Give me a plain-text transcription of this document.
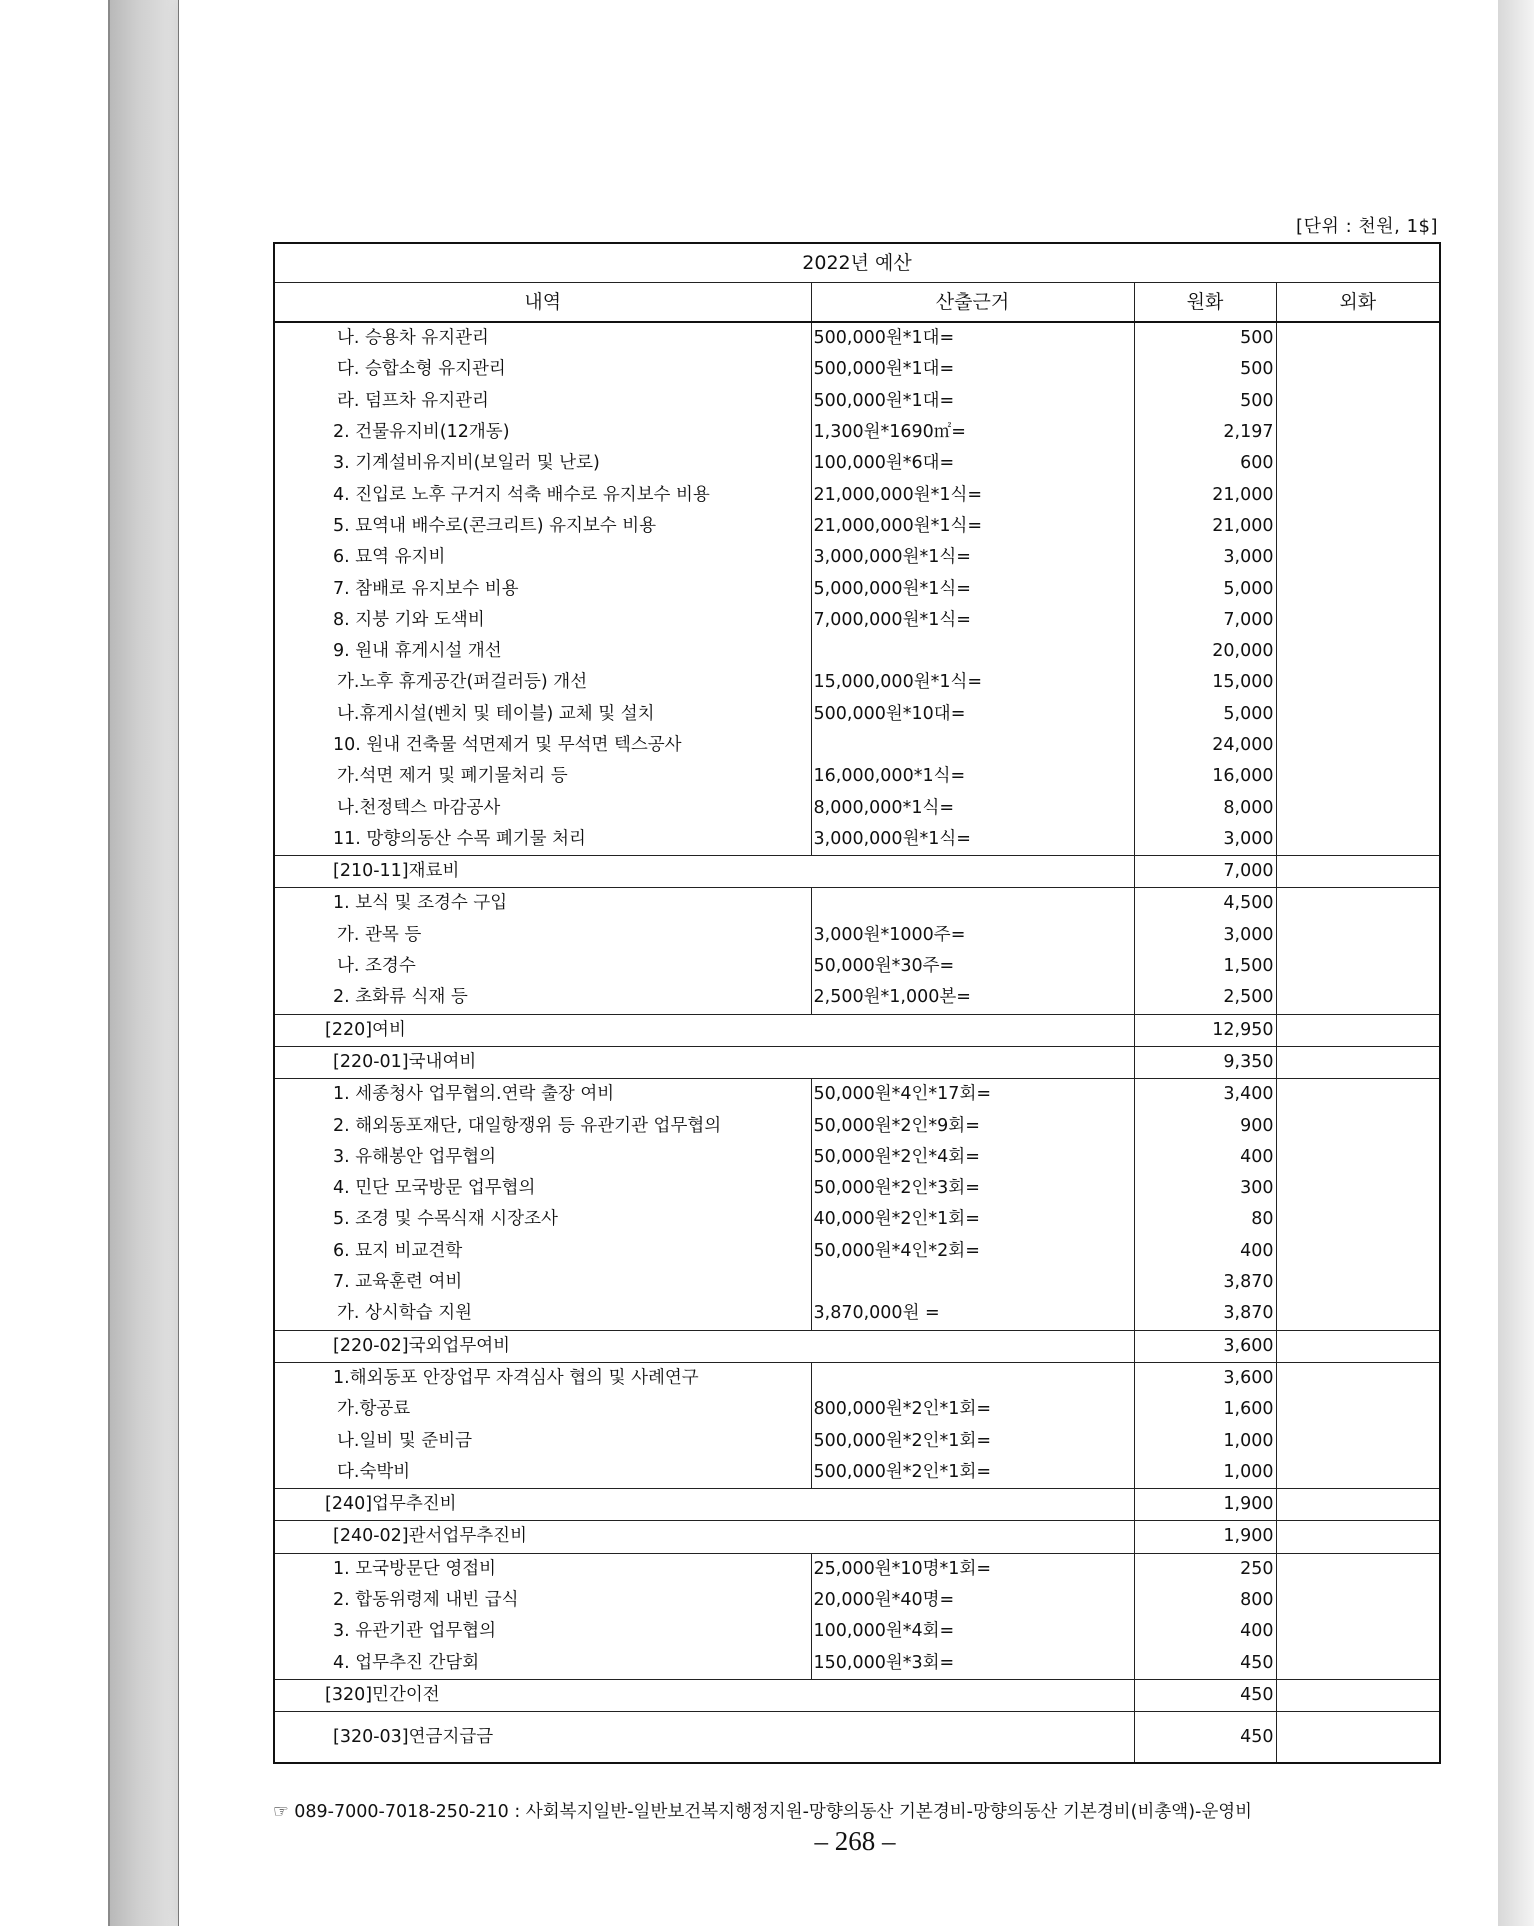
[단위 : 천원, 1$]
2022년 예산			
내역	산출근거	원화	외화
나. 승용차 유지관리	500,000원*1대=	500	
다. 승합소형 유지관리	500,000원*1대=	500	
라. 덤프차 유지관리	500,000원*1대=	500	
2. 건물유지비(12개동)	1,300원*1690㎡=	2,197	
3. 기계설비유지비(보일러 및 난로)	100,000원*6대=	600	
4. 진입로 노후 구거지 석축 배수로 유지보수 비용	21,000,000원*1식=	21,000	
5. 묘역내 배수로(콘크리트) 유지보수 비용	21,000,000원*1식=	21,000	
6. 묘역 유지비	3,000,000원*1식=	3,000	
7. 참배로 유지보수 비용	5,000,000원*1식=	5,000	
8. 지붕 기와 도색비	7,000,000원*1식=	7,000	
9. 원내 휴게시설 개선		20,000	
가.노후 휴게공간(퍼걸러등) 개선	15,000,000원*1식=	15,000	
나.휴게시설(벤치 및 테이블) 교체 및 설치	500,000원*10대=	5,000	
10. 원내 건축물 석면제거 및 무석면 텍스공사		24,000	
가.석면 제거 및 폐기물처리 등	16,000,000*1식=	16,000	
나.천정텍스 마감공사	8,000,000*1식=	8,000	
11. 망향의동산 수목 폐기물 처리	3,000,000원*1식=	3,000	
[210-11]재료비		7,000	
1. 보식 및 조경수 구입		4,500	
가. 관목 등	3,000원*1000주=	3,000	
나. 조경수	50,000원*30주=	1,500	
2. 초화류 식재 등	2,500원*1,000본=	2,500	
[220]여비		12,950	
[220-01]국내여비		9,350	
1. 세종청사 업무협의.연락 출장 여비	50,000원*4인*17회=	3,400	
2. 해외동포재단, 대일항쟁위 등 유관기관 업무협의	50,000원*2인*9회=	900	
3. 유해봉안 업무협의	50,000원*2인*4회=	400	
4. 민단 모국방문 업무협의	50,000원*2인*3회=	300	
5. 조경 및 수목식재 시장조사	40,000원*2인*1회=	80	
6. 묘지 비교견학	50,000원*4인*2회=	400	
7. 교육훈련 여비		3,870	
가. 상시학습 지원	3,870,000원 =	3,870	
[220-02]국외업무여비		3,600	
1.해외동포 안장업무 자격심사 협의 및 사례연구		3,600	
가.항공료	800,000원*2인*1회=	1,600	
나.일비 및 준비금	500,000원*2인*1회=	1,000	
다.숙박비	500,000원*2인*1회=	1,000	
[240]업무추진비		1,900	
[240-02]관서업무추진비		1,900	
1. 모국방문단 영접비	25,000원*10명*1회=	250	
2. 합동위령제 내빈 급식	20,000원*40명=	800	
3. 유관기관 업무협의	100,000원*4회=	400	
4. 업무추진 간담회	150,000원*3회=	450	
[320]민간이전		450	
[320-03]연금지급금		450	
☞ 089-7000-7018-250-210 : 사회복지일반-일반보건복지행정지원-망향의동산 기본경비-망향의동산 기본경비(비총액)-운영비
– 268 –
